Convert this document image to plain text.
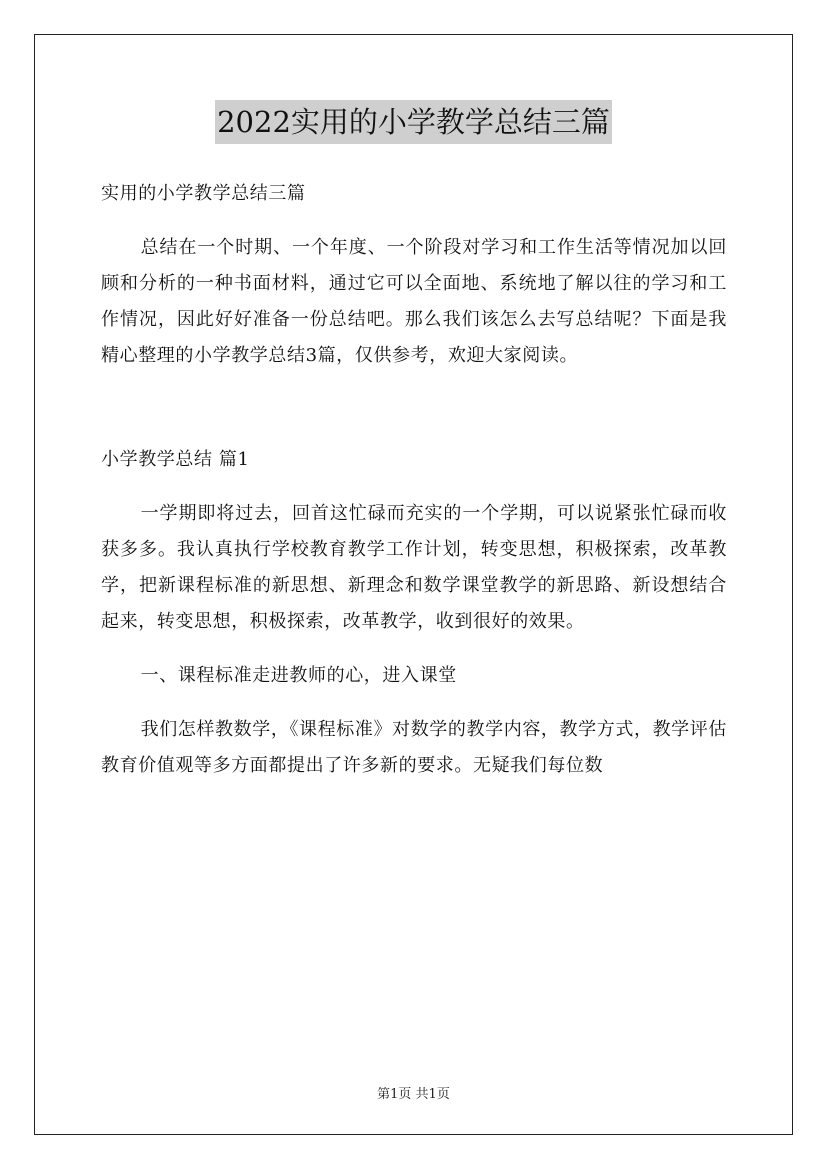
2022实用的小学教学总结三篇

实用的小学教学总结三篇

总结在一个时期、一个年度、一个阶段对学习和工作生活等情况加以回顾和分析的一种书面材料，通过它可以全面地、系统地了解以往的学习和工作情况，因此好好准备一份总结吧。那么我们该怎么去写总结呢？下面是我精心整理的小学教学总结3篇，仅供参考，欢迎大家阅读。

小学教学总结 篇1

一学期即将过去，回首这忙碌而充实的一个学期，可以说紧张忙碌而收获多多。我认真执行学校教育教学工作计划，转变思想，积极探索，改革教学，把新课程标准的新思想、新理念和数学课堂教学的新思路、新设想结合起来，转变思想，积极探索，改革教学，收到很好的效果。

一、课程标准走进教师的心，进入课堂

我们怎样教数学，《课程标准》对数学的教学内容，教学方式，教学评估教育价值观等多方面都提出了许多新的要求。无疑我们每位数

第1页 共1页
